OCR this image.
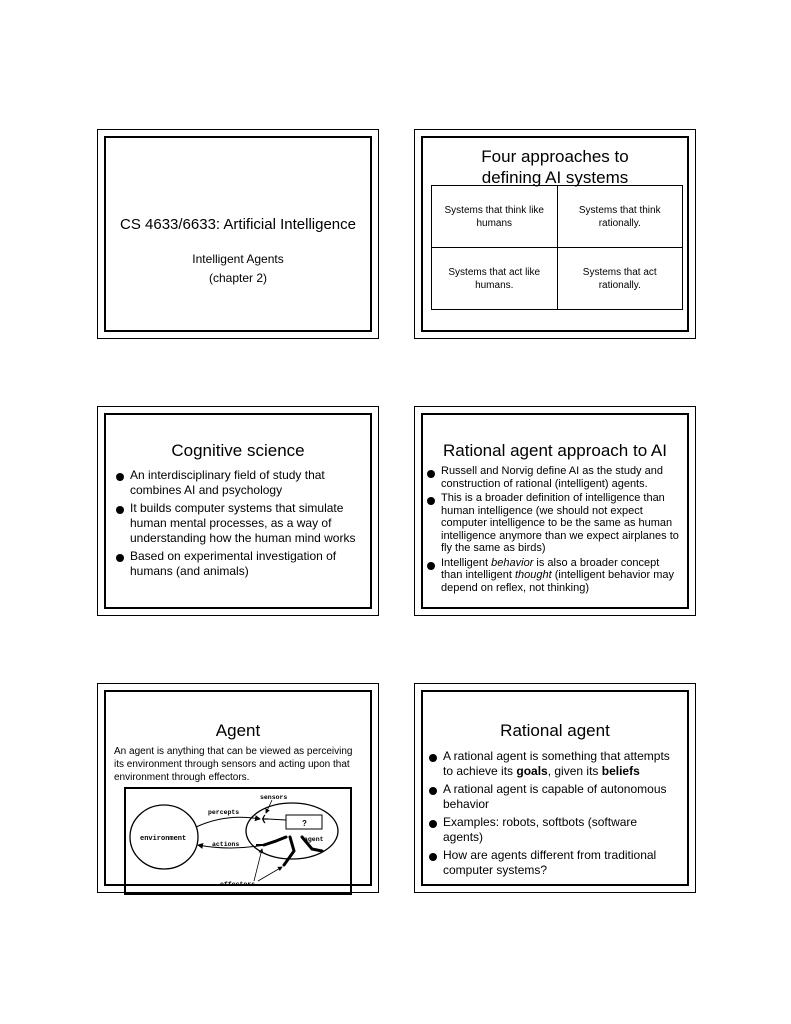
CS 4633/6633: Artificial Intelligence
Intelligent Agents
(chapter 2)
Four approaches to
defining AI systems
Systems that think like humans	Systems that think rationally.
Systems that act like humans.	Systems that act rationally.
Cognitive science
An interdisciplinary field of study that combines AI and psychology
It builds computer systems that simulate human mental processes, as a way of understanding how the human mind works
Based on experimental investigation of humans (and animals)
Rational agent approach to AI
Russell and Norvig define AI as the study and construction of rational (intelligent) agents.
This is a broader definition of intelligence than human intelligence (we should not expect computer intelligence to be the same as human intelligence anymore than we expect airplanes to fly the same as birds)
Intelligent behavior is also a broader concept than intelligent thought (intelligent behavior may depend on reflex, not thinking)
Agent
An agent is anything that can be viewed as perceiving its environment through sensors and acting upon that environment through effectors.
environment
?
sensors
percepts
actions
agent
effectors
Rational agent
A rational agent is something that attempts to achieve its goals, given its beliefs
A rational agent is capable of autonomous behavior
Examples: robots, softbots (software agents)
How are agents different from traditional computer systems?
